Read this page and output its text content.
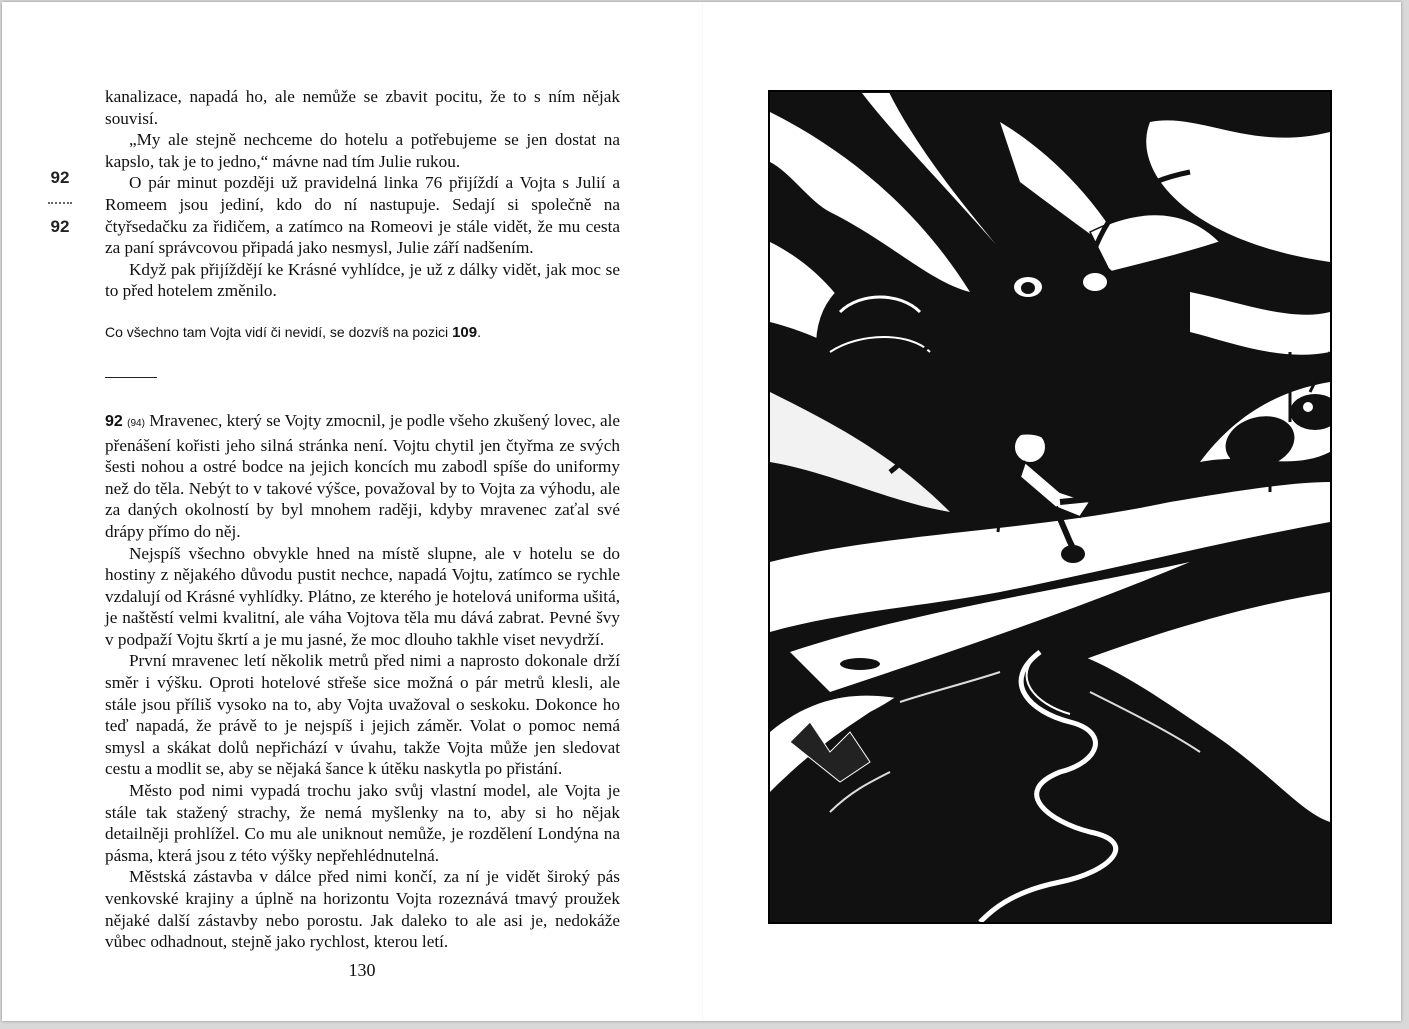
92
92

kanalizace, napadá ho, ale nemůže se zbavit pocitu, že to s ním nějak souvisí.

„My ale stejně nechceme do hotelu a potřebujeme se jen dostat na kapslo, tak je to jedno,“ mávne nad tím Julie rukou.

O pár minut později už pravidelná linka 76 přijíždí a Vojta s Julií a Romeem jsou jediní, kdo do ní nastupuje. Sedají si společně na čtyřsedačku za řidičem, a zatímco na Romeovi je stále vidět, že mu cesta za paní správcovou připadá jako nesmysl, Julie září nadšením.

Když pak přijíždějí ke Krásné vyhlídce, je už z dálky vidět, jak moc se to před hotelem změnilo.

Co všechno tam Vojta vidí či nevidí, se dozvíš na pozici 109.

92 (94) Mravenec, který se Vojty zmocnil, je podle všeho zkušený lovec, ale přenášení kořisti jeho silná stránka není. Vojtu chytil jen čtyřma ze svých šesti nohou a ostré bodce na jejich koncích mu zabodl spíše do uniformy než do těla. Nebýt to v takové výšce, považoval by to Vojta za výhodu, ale za daných okolností by byl mnohem raději, kdyby mravenec zaťal své drápy přímo do něj.

Nejspíš všechno obvykle hned na místě slupne, ale v hotelu se do hostiny z nějakého důvodu pustit nechce, napadá Vojtu, zatímco se rychle vzdalují od Krásné vyhlídky. Plátno, ze kterého je hotelová uniforma ušitá, je naštěstí velmi kvalitní, ale váha Vojtova těla mu dává zabrat. Pevné švy v podpaží Vojtu škrtí a je mu jasné, že moc dlouho takhle viset nevydrží.

První mravenec letí několik metrů před nimi a naprosto dokonale drží směr i výšku. Oproti hotelové střeše sice možná o pár metrů klesli, ale stále jsou příliš vysoko na to, aby Vojta uvažoval o seskoku. Dokonce ho teď napadá, že právě to je nejspíš i jejich záměr. Volat o pomoc nemá smysl a skákat dolů nepřichází v úvahu, takže Vojta může jen sledovat cestu a modlit se, aby se nějaká šance k útěku naskytla po přistání.

Město pod nimi vypadá trochu jako svůj vlastní model, ale Vojta je stále tak stažený strachy, že nemá myšlenky na to, aby si ho nějak detailněji prohlížel. Co mu ale uniknout nemůže, je rozdělení Londýna na pásma, která jsou z této výšky nepřehlédnutelná.

Městská zástavba v dálce před nimi končí, za ní je vidět široký pás venkovské krajiny a úplně na horizontu Vojta rozeznává tmavý proužek nějaké další zástavby nebo porostu. Jak daleko to ale asi je, nedokáže vůbec odhadnout, stejně jako rychlost, kterou letí.

130
